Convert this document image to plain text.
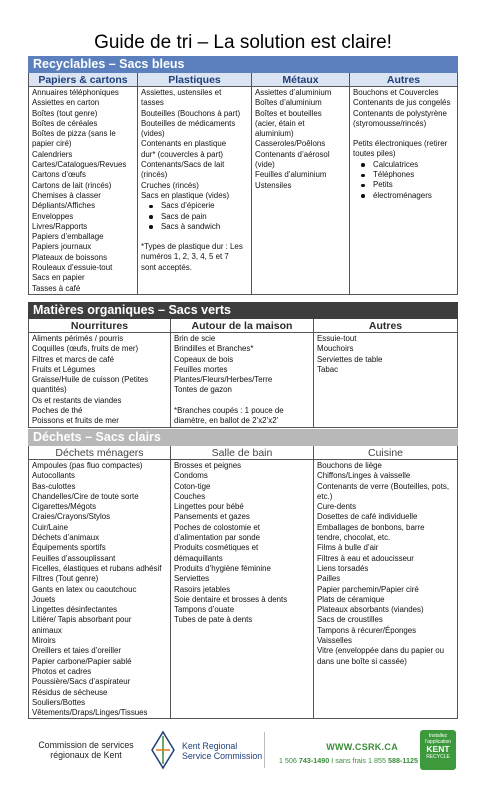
Guide de tri – La solution est claire!
Recyclables – Sacs bleus
Papiers & cartons
Annuaires téléphoniques
Assiettes en carton
Boîtes (tout genre)
Boîtes de céréales
Boîtes de pizza (sans le
papier ciré)
Calendriers
Cartes/Catalogues/Revues
Cartons d’œufs
Cartons de lait (rincés)
Chemises à classer
Dépliants/Affiches
Enveloppes
Livres/Rapports
Papiers d’emballage
Papiers journaux
Plateaux de boissons
Rouleaux d’essuie-tout
Sacs en papier
Tasses à café
Plastiques
Assiettes, ustensiles et
tasses
Bouteilles (Bouchons à part)
Bouteilles de médicaments
(vides)
Contenants en plastique
dur* (couvercles à part)
Contenants/Sacs de lait
(rincés)
Cruches (rincés)
Sacs en plastique (vides)
Sacs d’épicerie
Sacs de pain
Sacs à sandwich
*Types de plastique dur : Les
numéros 1, 2, 3, 4, 5 et 7
sont acceptés.
Métaux
Assiettes d’aluminium
Boîtes d’aluminium
Boîtes et bouteilles
(acier, étain et
aluminium)
Casseroles/Poêlons
Contenants d’aérosol
(vide)
Feuilles d’aluminium
Ustensiles
Autres
Bouchons et Couvercles
Contenants de jus congelés
Contenants de polystyrène
(styromousse/rincés)
Petits électroniques (retirer
toutes piles)
Calculatrices
Téléphones
Petits
électroménagers
Matières organiques – Sacs verts
Nourritures
Aliments périmés / pourris
Coquilles (œufs, fruits de mer)
Filtres et marcs de café
Fruits et Légumes
Graisse/Huile de cuisson (Petites
quantités)
Os et restants de viandes
Poches de thé
Poissons et fruits de mer
Autour de la maison
Brin de scie
Brindilles et Branches*
Copeaux de bois
Feuilles mortes
Plantes/Fleurs/Herbes/Terre
Tontes de gazon
*Branches coupés : 1 pouce de
diamètre, en ballot de 2’x2’x2’
Autres
Essuie-tout
Mouchoirs
Serviettes de table
Tabac
Déchets – Sacs clairs
Déchets ménagers
Ampoules (pas fluo compactes)
Autocollants
Bas-culottes
Chandelles/Cire de toute sorte
Cigarettes/Mégots
Craies/Crayons/Stylos
Cuir/Laine
Déchets d’animaux
Équipements sportifs
Feuilles d’assouplissant
Ficelles, élastiques et rubans adhésif
Filtres (Tout genre)
Gants en latex ou caoutchouc
Jouets
Lingettes désinfectantes
Litière/ Tapis absorbant pour
animaux
Miroirs
Oreillers et taies d’oreiller
Papier carbone/Papier sablé
Photos et cadres
Poussière/Sacs d’aspirateur
Résidus de sécheuse
Souliers/Bottes
Vêtements/Draps/Linges/Tissues
Salle de bain
Brosses et peignes
Condoms
Coton-tige
Couches
Lingettes pour bébé
Pansements et gazes
Poches de colostomie et
d’alimentation par sonde
Produits cosmétiques et
démaquillants
Produits d’hygiène féminine
Serviettes
Rasoirs jetables
Soie dentaire et brosses à dents
Tampons d’ouate
Tubes de pate à dents
Cuisine
Bouchons de liège
Chiffons/Linges à vaisselle
Contenants de verre (Bouteilles, pots,
etc.)
Cure-dents
Dosettes de café individuelle
Emballages de bonbons, barre
tendre, chocolat, etc.
Films à bulle d’air
Filtres à eau et adoucisseur
Liens torsadés
Pailles
Papier parchemin/Papier ciré
Plats de céramique
Plateaux absorbants (viandes)
Sacs de croustilles
Tampons à récurer/Éponges
Vaisselles
Vitre (enveloppée dans du papier ou
dans une boîte si cassée)
Commission de services
régionaux de Kent
Kent Regional
Service Commission
WWW.CSRK.CA
1 506 743-1490 I sans frais 1 855 588-1125
Installez
l’application
KENT
RECYCLE
